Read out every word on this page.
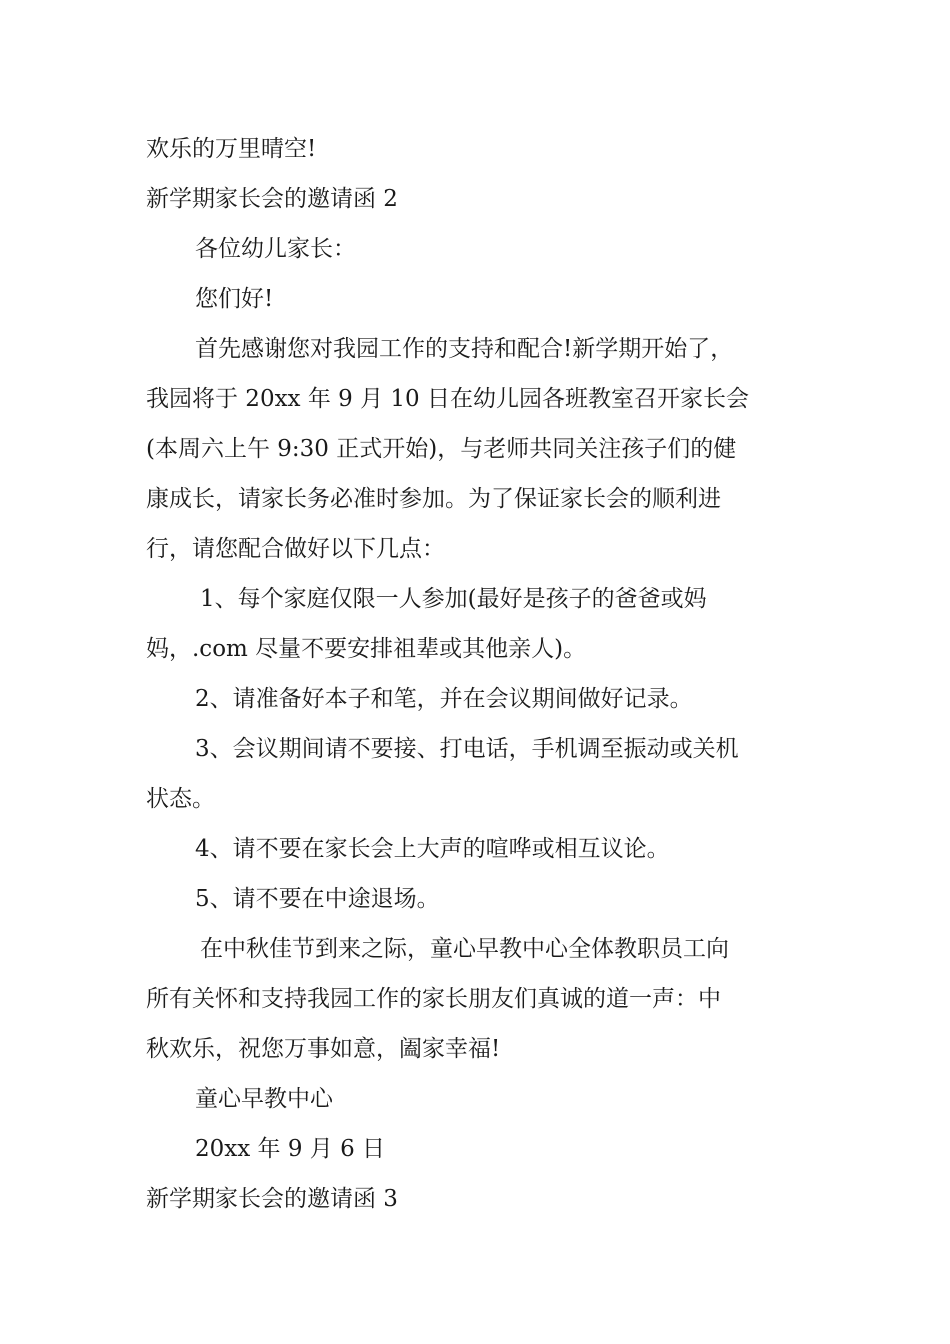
欢乐的万里晴空!

新学期家长会的邀请函 2

各位幼儿家长：

您们好!

首先感谢您对我园工作的支持和配合!新学期开始了，

我园将于 20xx 年 9 月 10 日在幼儿园各班教室召开家长会

(本周六上午 9:30 正式开始)，与老师共同关注孩子们的健

康成长，请家长务必准时参加。为了保证家长会的顺利进

行，请您配合做好以下几点：

1、每个家庭仅限一人参加(最好是孩子的爸爸或妈

妈，.com 尽量不要安排祖辈或其他亲人)。

2、请准备好本子和笔，并在会议期间做好记录。

3、会议期间请不要接、打电话，手机调至振动或关机

状态。

4、请不要在家长会上大声的喧哗或相互议论。

5、请不要在中途退场。

在中秋佳节到来之际，童心早教中心全体教职员工向

所有关怀和支持我园工作的家长朋友们真诚的道一声：中

秋欢乐，祝您万事如意，阖家幸福!

童心早教中心

20xx 年 9 月 6 日

新学期家长会的邀请函 3
